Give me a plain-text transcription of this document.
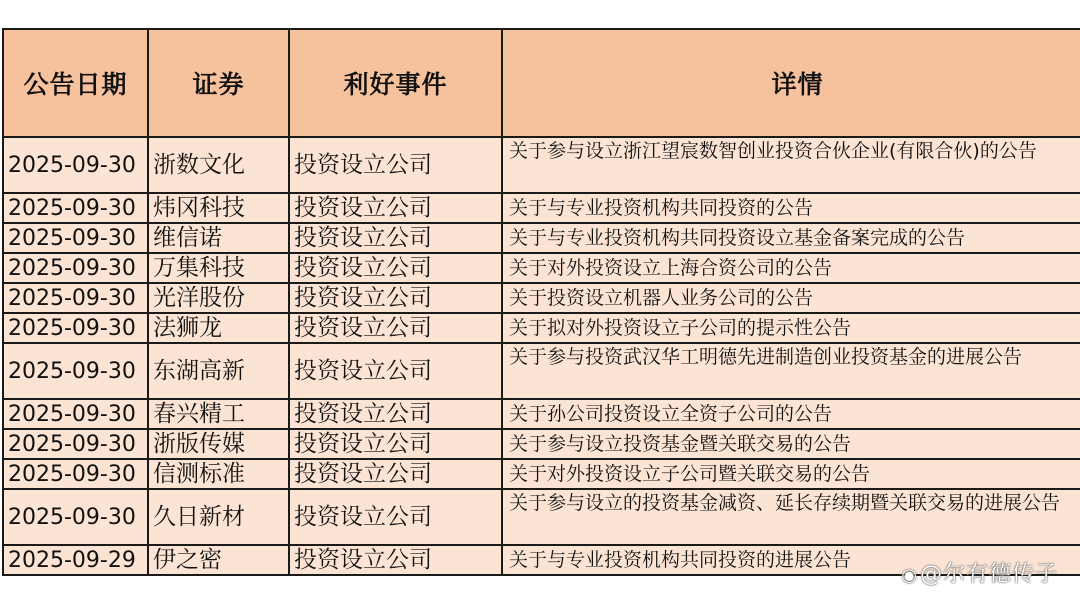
公告日期	证券	利好事件	详情
2025-09-30	浙数文化	投资设立公司	关于参与设立浙江望宸数智创业投资合伙企业(有限合伙)的公告
2025-09-30	炜冈科技	投资设立公司	关于与专业投资机构共同投资的公告
2025-09-30	维信诺	投资设立公司	关于与专业投资机构共同投资设立基金备案完成的公告
2025-09-30	万集科技	投资设立公司	关于对外投资设立上海合资公司的公告
2025-09-30	光洋股份	投资设立公司	关于投资设立机器人业务公司的公告
2025-09-30	法狮龙	投资设立公司	关于拟对外投资设立子公司的提示性公告
2025-09-30	东湖高新	投资设立公司	关于参与投资武汉华工明德先进制造创业投资基金的进展公告
2025-09-30	春兴精工	投资设立公司	关于孙公司投资设立全资子公司的公告
2025-09-30	浙版传媒	投资设立公司	关于参与设立投资基金暨关联交易的公告
2025-09-30	信测标准	投资设立公司	关于对外投资设立子公司暨关联交易的公告
2025-09-30	久日新材	投资设立公司	关于参与设立的投资基金减资、延长存续期暨关联交易的进展公告
2025-09-29	伊之密	投资设立公司	关于与专业投资机构共同投资的进展公告
◉@尔有德传子
